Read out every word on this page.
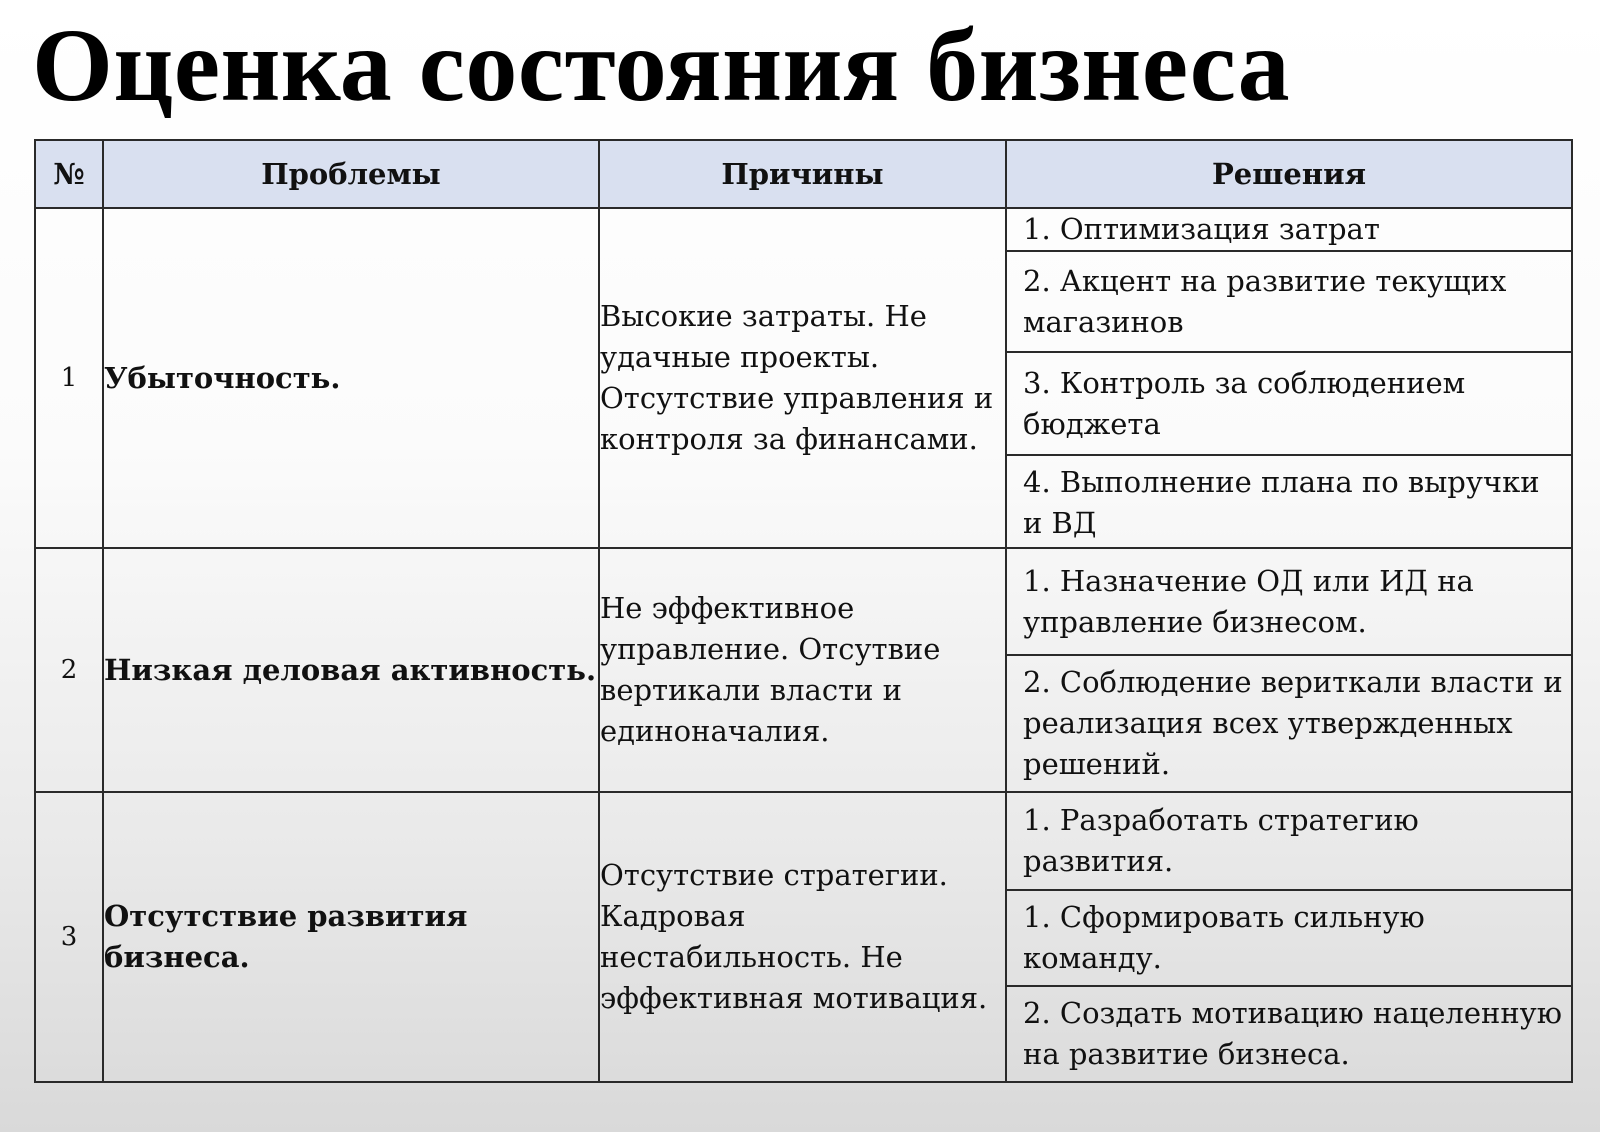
Оценка состояния бизнеса
№	Проблемы	Причины	Решения
1	Убыточность.	Высокие затраты. Не удачные проекты. Отсутствие управления и контроля за финансами.	1. Оптимизация затрат
2. Акцент на развитие текущих магазинов
3. Контроль за соблюдением бюджета
4. Выполнение плана по выручки и ВД

2	Низкая деловая активность.	Не эффективное управление. Отсутвие вертикали власти и единоначалия.	1. Назначение ОД или ИД на управление бизнесом.
2. Соблюдение вериткали власти и реализация всех утвержденных решений.

3	Отсутствие развития бизнеса.	Отсутствие стратегии. Кадровая нестабильность. Не эффективная мотивация.	1. Разработать стратегию развития.
1. Сформировать сильную команду.
2. Создать мотивацию нацеленную на развитие бизнеса.
